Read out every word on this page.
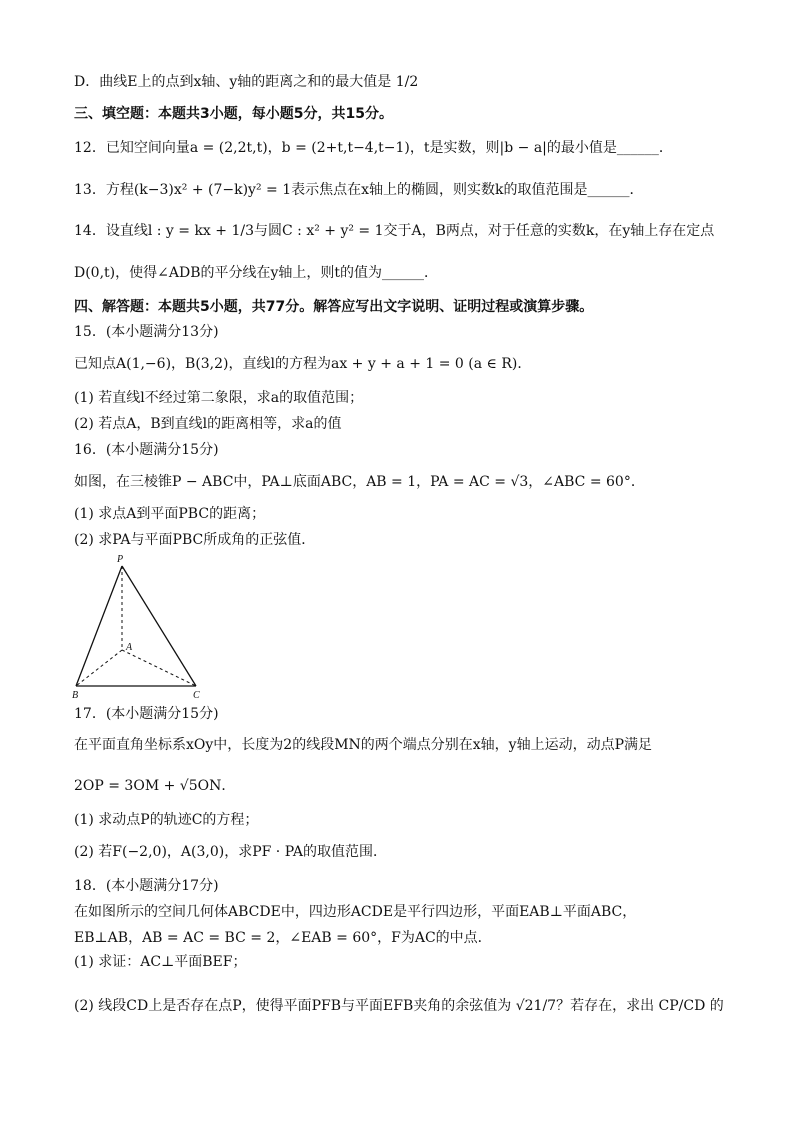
D．曲线E上的点到x轴、y轴的距离之和的最大值是 1/2
三、填空题：本题共3小题，每小题5分，共15分。
12．已知空间向量a = (2,2t,t)，b = (2+t,t−4,t−1)，t是实数，则|b − a|的最小值是______．
13．方程(k−3)x² + (7−k)y² = 1表示焦点在x轴上的椭圆，则实数k的取值范围是______．
14．设直线l : y = kx + 1/3与圆C : x² + y² = 1交于A，B两点，对于任意的实数k，在y轴上存在定点
D(0,t)，使得∠ADB的平分线在y轴上，则t的值为______．
四、解答题：本题共5小题，共77分。解答应写出文字说明、证明过程或演算步骤。
15．(本小题满分13分)
已知点A(1,−6)，B(3,2)，直线l的方程为ax + y + a + 1 = 0 (a ∈ R)．
(1) 若直线l不经过第二象限，求a的取值范围；
(2) 若点A，B到直线l的距离相等，求a的值
16．(本小题满分15分)
如图，在三棱锥P − ABC中，PA⊥底面ABC，AB = 1，PA = AC = √3，∠ABC = 60°．
(1) 求点A到平面PBC的距离；
(2) 求PA与平面PBC所成角的正弦值．
P
A
B	C
17．(本小题满分15分)
在平面直角坐标系xOy中，长度为2的线段MN的两个端点分别在x轴，y轴上运动，动点P满足
2OP = 3OM + √5ON．
(1) 求动点P的轨迹C的方程；
(2) 若F(−2,0)，A(3,0)，求PF · PA的取值范围．
18．(本小题满分17分)
在如图所示的空间几何体ABCDE中，四边形ACDE是平行四边形，平面EAB⊥平面ABC，
EB⊥AB，AB = AC = BC = 2，∠EAB = 60°，F为AC的中点．
(1) 求证：AC⊥平面BEF；
(2) 线段CD上是否存在点P，使得平面PFB与平面EFB夹角的余弦值为 √21/7？若存在，求出 CP/CD 的
